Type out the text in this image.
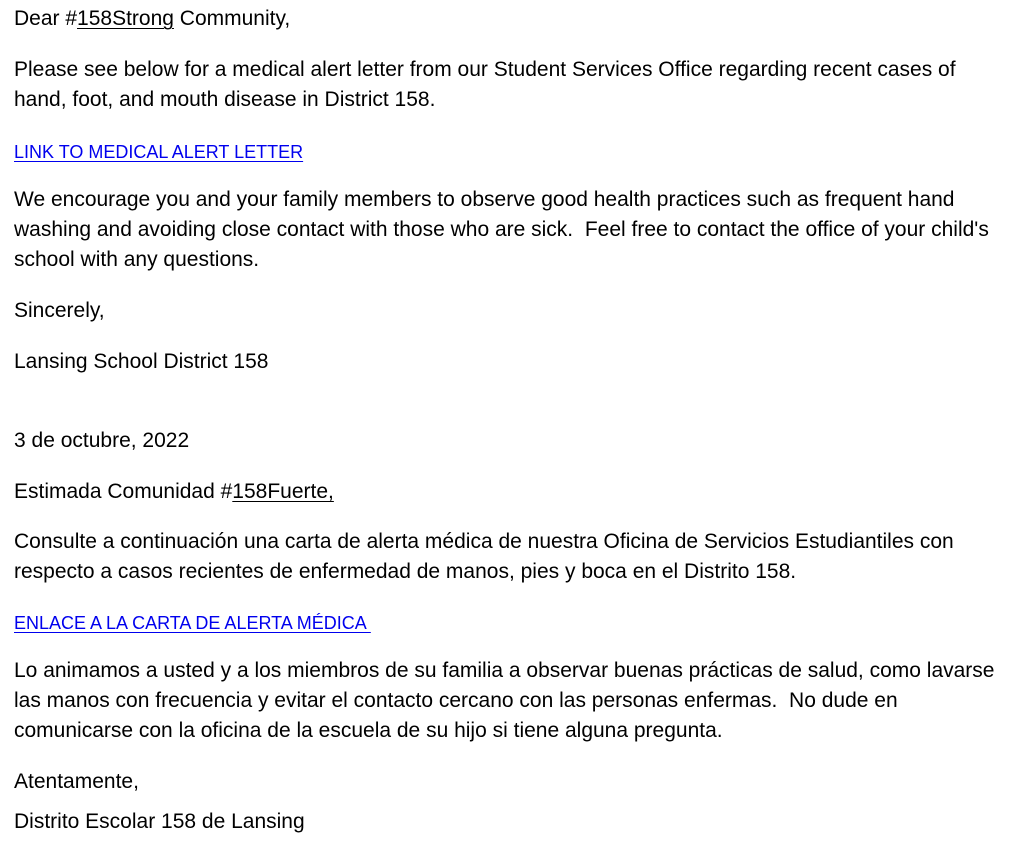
Dear #158Strong Community,

Please see below for a medical alert letter from our Student Services Office regarding recent cases of hand, foot, and mouth disease in District 158.

LINK TO MEDICAL ALERT LETTER

We encourage you and your family members to observe good health practices such as frequent hand washing and avoiding close contact with those who are sick.  Feel free to contact the office of your child's school with any questions.

Sincerely,

Lansing School District 158

3 de octubre, 2022

Estimada Comunidad #158Fuerte,

Consulte a continuación una carta de alerta médica de nuestra Oficina de Servicios Estudiantiles con respecto a casos recientes de enfermedad de manos, pies y boca en el Distrito 158.

ENLACE A LA CARTA DE ALERTA MÉDICA

Lo animamos a usted y a los miembros de su familia a observar buenas prácticas de salud, como lavarse las manos con frecuencia y evitar el contacto cercano con las personas enfermas.  No dude en comunicarse con la oficina de la escuela de su hijo si tiene alguna pregunta.

Atentamente,

Distrito Escolar 158 de Lansing
